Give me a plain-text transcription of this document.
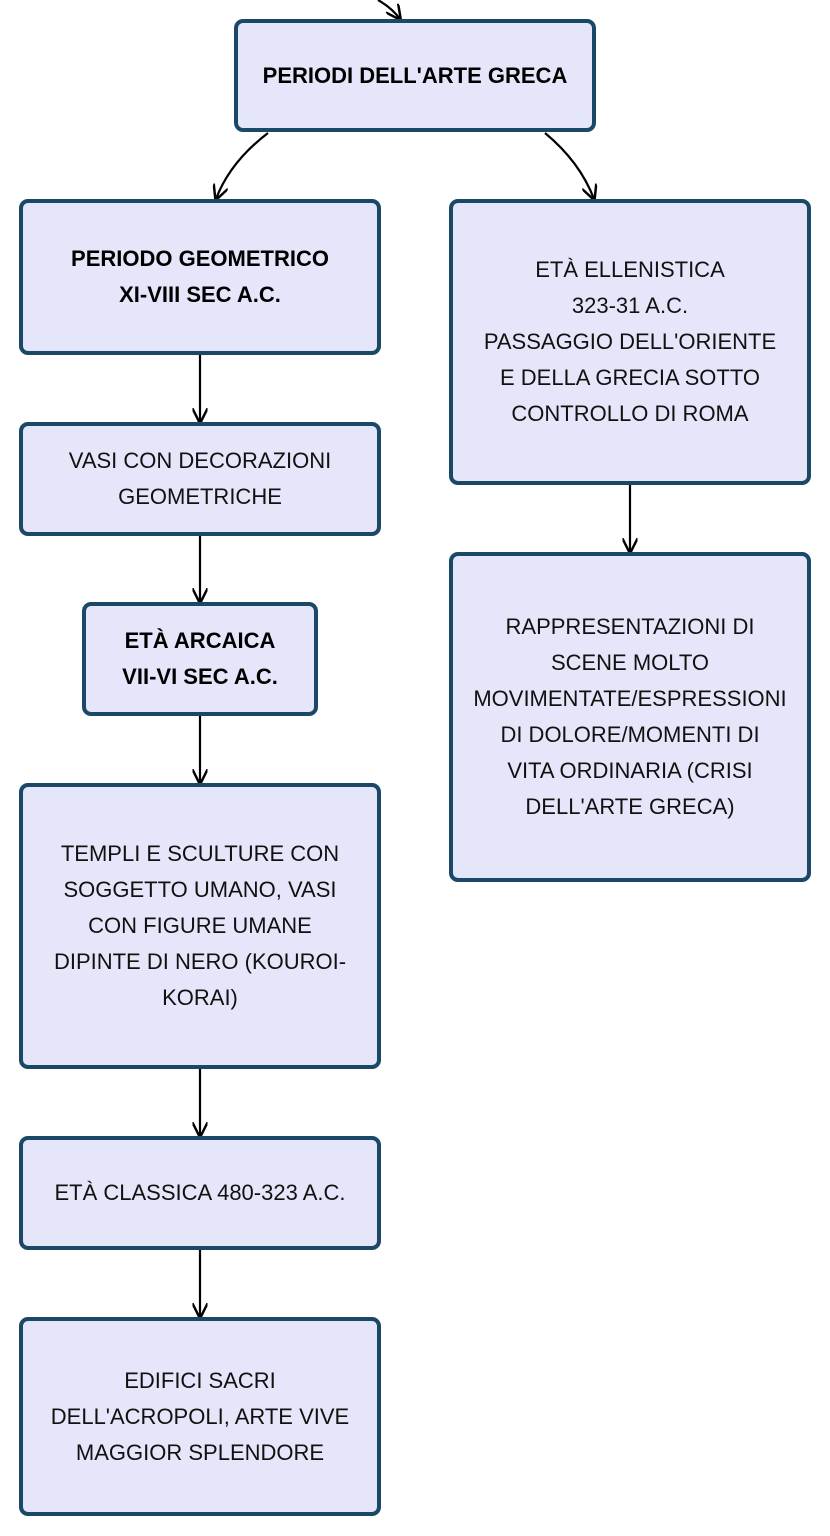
PERIODI DELL'ARTE GRECA
PERIODO GEOMETRICO
XI-VIII SEC A.C.
VASI CON DECORAZIONI
GEOMETRICHE
ETÀ ARCAICA
VII-VI SEC A.C.
TEMPLI E SCULTURE CON
SOGGETTO UMANO, VASI
CON FIGURE UMANE
DIPINTE DI NERO (KOUROI-
KORAI)
ETÀ CLASSICA 480-323 A.C.
EDIFICI SACRI
DELL'ACROPOLI, ARTE VIVE
MAGGIOR SPLENDORE
ETÀ ELLENISTICA
323-31 A.C.
PASSAGGIO DELL'ORIENTE
E DELLA GRECIA SOTTO
CONTROLLO DI ROMA
RAPPRESENTAZIONI DI
SCENE MOLTO
MOVIMENTATE/ESPRESSIONI
DI DOLORE/MOMENTI DI
VITA ORDINARIA (CRISI
DELL'ARTE GRECA)
